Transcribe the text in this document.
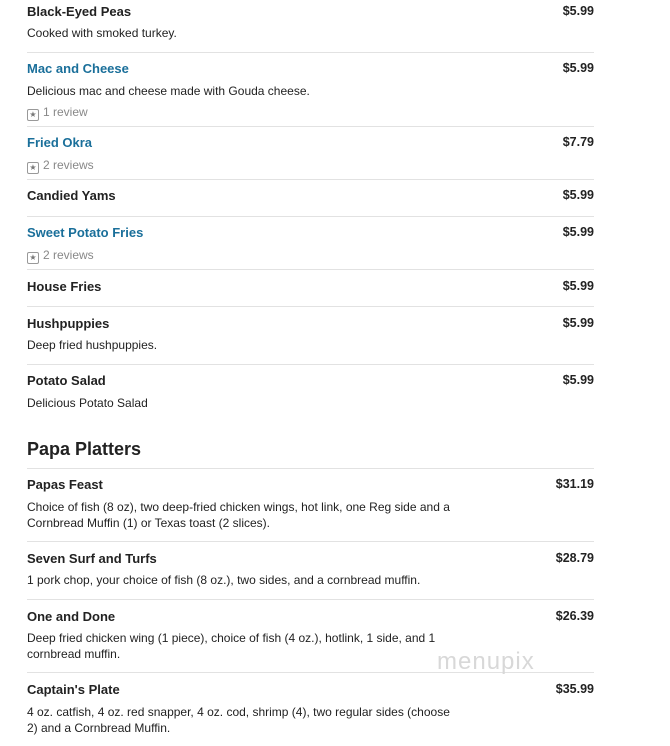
Black-Eyed Peas	$5.99
Cooked with smoked turkey.
Mac and Cheese	$5.99
Delicious mac and cheese made with Gouda cheese.
★ 1 review
Fried Okra	$7.79
★ 2 reviews
Candied Yams	$5.99
Sweet Potato Fries	$5.99
★ 2 reviews
House Fries	$5.99
Hushpuppies	$5.99
Deep fried hushpuppies.
Potato Salad	$5.99
Delicious Potato Salad
Papa Platters
Papas Feast	$31.19
Choice of fish (8 oz), two deep-fried chicken wings, hot link, one Reg side and a Cornbread Muffin (1) or Texas toast (2 slices).
Seven Surf and Turfs	$28.79
1 pork chop, your choice of fish (8 oz.), two sides, and a cornbread muffin.
One and Done	$26.39
Deep fried chicken wing (1 piece), choice of fish (4 oz.), hotlink, 1 side, and 1 cornbread muffin.
Captain's Plate	$35.99
4 oz. catfish, 4 oz. red snapper, 4 oz. cod, shrimp (4), two regular sides (choose 2) and a Cornbread Muffin.
menupix
